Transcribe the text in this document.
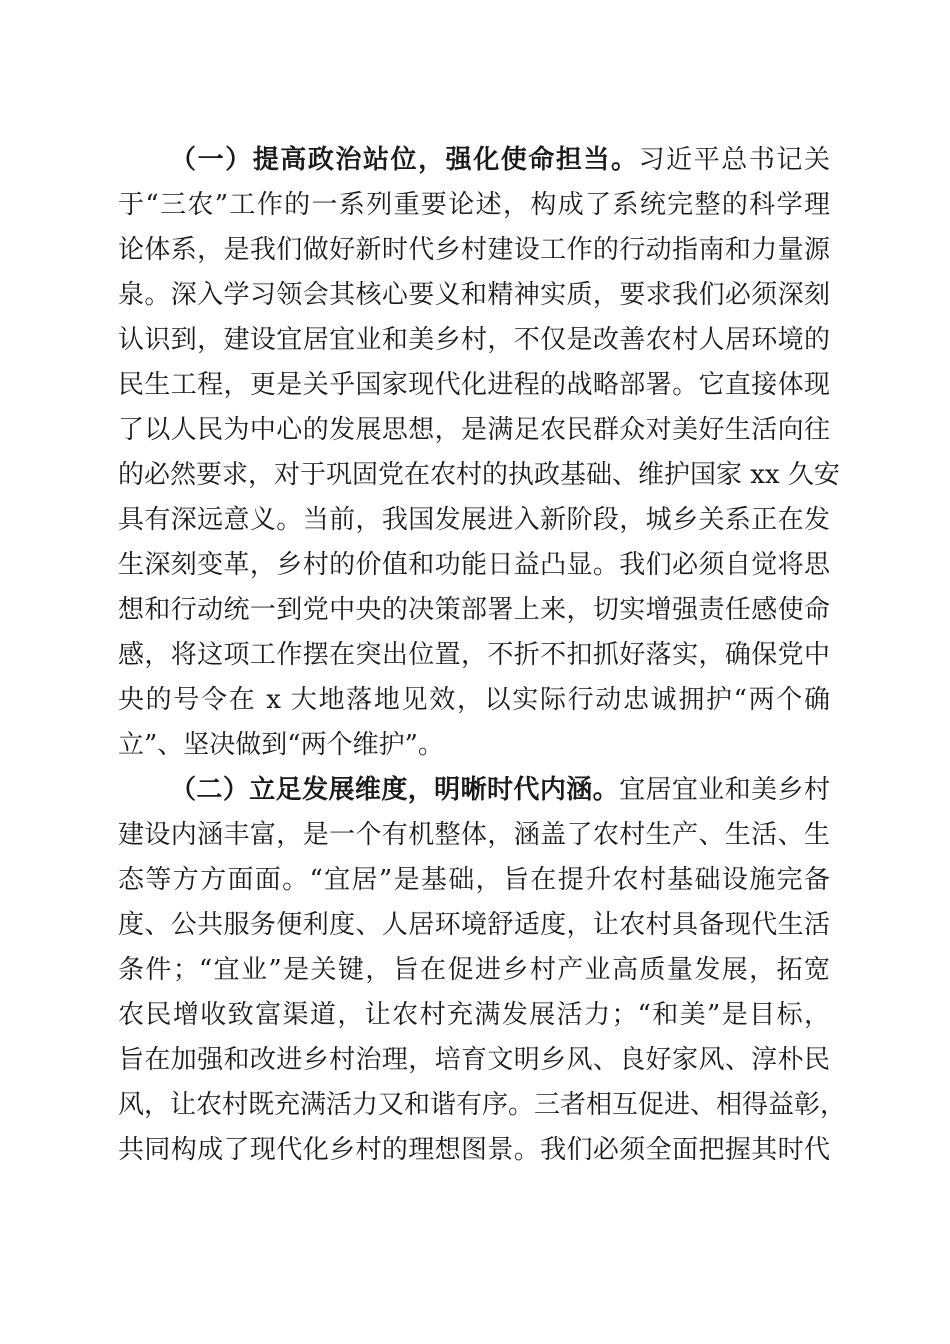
（一）提高政治站位，强化使命担当。习近平总书记关
于“三农”工作的一系列重要论述，构成了系统完整的科学理
论体系，是我们做好新时代乡村建设工作的行动指南和力量源
泉。深入学习领会其核心要义和精神实质，要求我们必须深刻
认识到，建设宜居宜业和美乡村，不仅是改善农村人居环境的
民生工程，更是关乎国家现代化进程的战略部署。它直接体现
了以人民为中心的发展思想，是满足农民群众对美好生活向往
的必然要求，对于巩固党在农村的执政基础、维护国家 xx 久安
具有深远意义。当前，我国发展进入新阶段，城乡关系正在发
生深刻变革，乡村的价值和功能日益凸显。我们必须自觉将思
想和行动统一到党中央的决策部署上来，切实增强责任感使命
感，将这项工作摆在突出位置，不折不扣抓好落实，确保党中
央的号令在 x 大地落地见效，以实际行动忠诚拥护“两个确
立”、坚决做到“两个维护”。
（二）立足发展维度，明晰时代内涵。宜居宜业和美乡村
建设内涵丰富，是一个有机整体，涵盖了农村生产、生活、生
态等方方面面。“宜居”是基础，旨在提升农村基础设施完备
度、公共服务便利度、人居环境舒适度，让农村具备现代生活
条件；“宜业”是关键，旨在促进乡村产业高质量发展，拓宽
农民增收致富渠道，让农村充满发展活力；“和美”是目标，
旨在加强和改进乡村治理，培育文明乡风、良好家风、淳朴民
风，让农村既充满活力又和谐有序。三者相互促进、相得益彰，
共同构成了现代化乡村的理想图景。我们必须全面把握其时代
